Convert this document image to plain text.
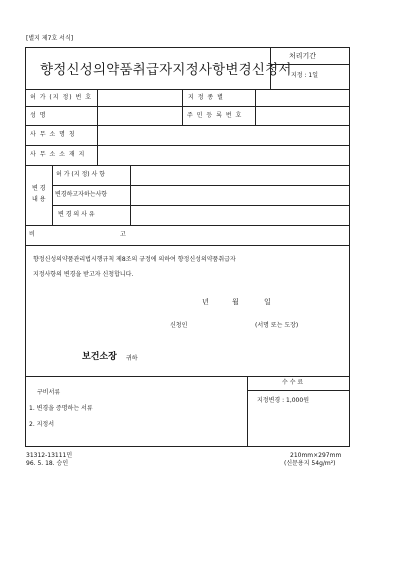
[별지 제7호 서식]
향정신성의약품취급자지정사항변경신청서
처리기간
지정 : 1일
허 가 (지 정) 번 호	지 정 종 별
성 명	주 민 등 록 번 호
사 무 소 명 칭
사 무 소 소 재 지
변 경
내 용
허 가 (지 정) 사 항
변경하고자하는사항
변 경 의 사 유
비	고
향정신성의약품관리법시행규칙 제8조의 규정에 의하여 향정신성의약품취급자
지정사항의 변경을 받고자 신청합니다.
년	월	일
신청인	(서명 또는 도장)
보건소장 귀하
구비서류
1. 변경을 증명하는 서류
2. 지정서
수 수 료
지정변경 : 1,000원
31312-13111민
96. 5. 18. 승인
210mm×297mm
(신문용지 54g/m²)
